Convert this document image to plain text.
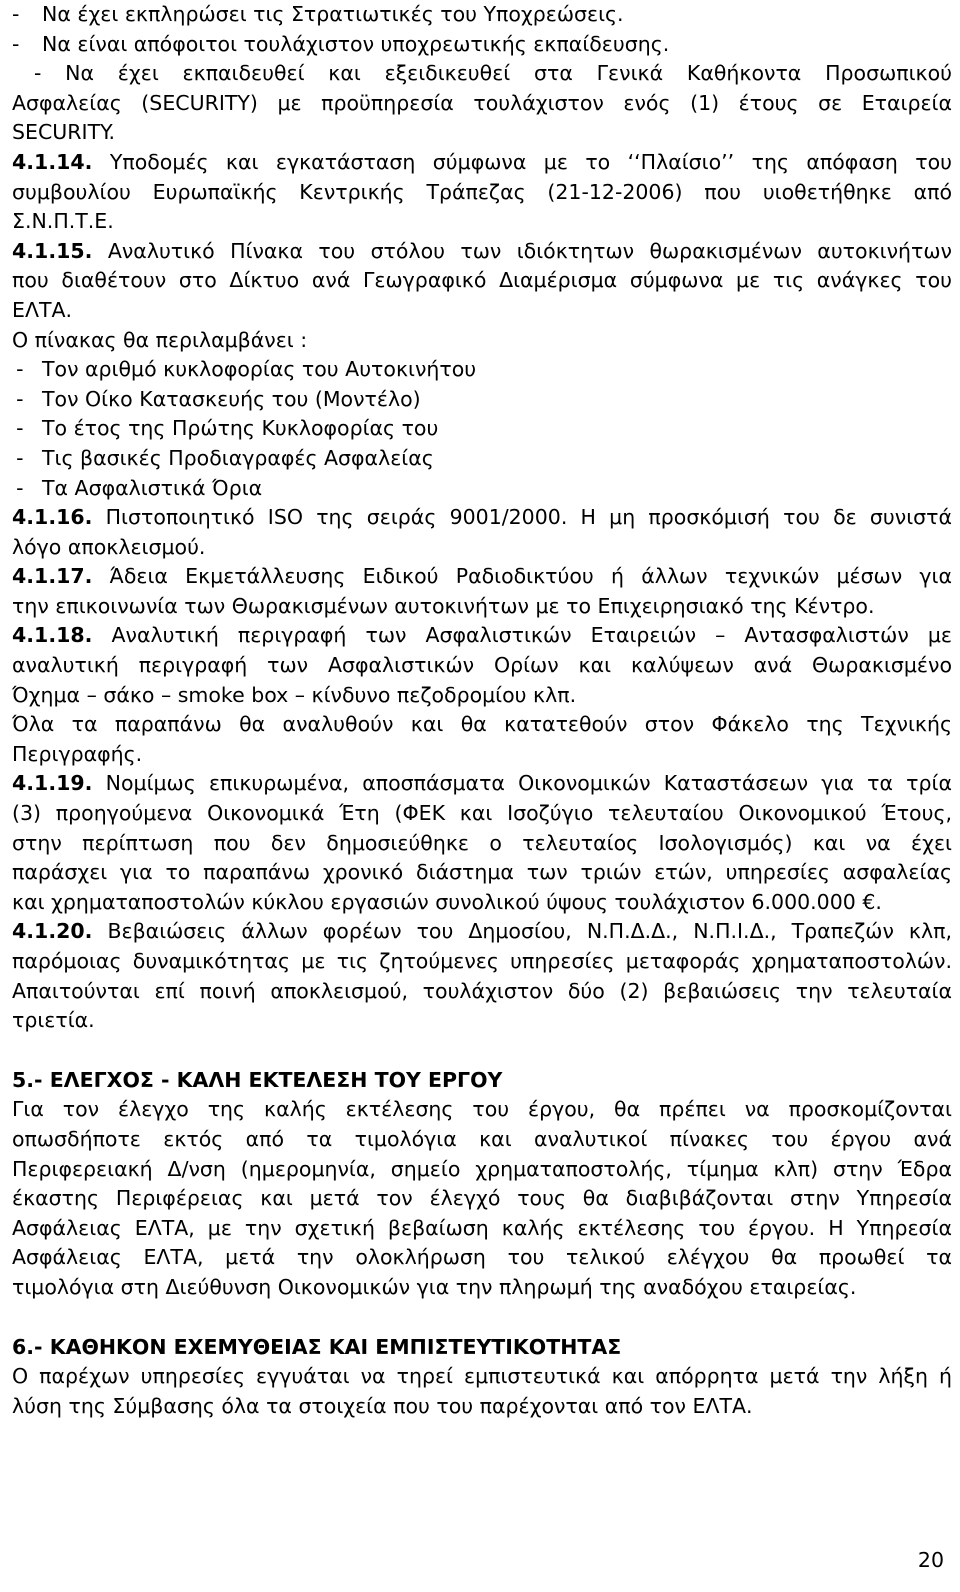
- Να έχει εκπληρώσει τις Στρατιωτικές του Υποχρεώσεις.
- Να είναι απόφοιτοι τουλάχιστον υποχρεωτικής εκπαίδευσης.
- Να έχει εκπαιδευθεί και εξειδικευθεί στα Γενικά Καθήκοντα Προσωπικού
Ασφαλείας (SECURITY) με προϋπηρεσία τουλάχιστον ενός (1) έτους σε Εταιρεία
SECURITY.
4.1.14. Υποδομές και εγκατάσταση σύμφωνα με το ‘‘Πλαίσιο’’ της απόφαση του
συμβουλίου Ευρωπαϊκής Κεντρικής Τράπεζας (21-12-2006) που υιοθετήθηκε από
Σ.Ν.Π.Τ.Ε.
4.1.15. Αναλυτικό Πίνακα του στόλου των ιδιόκτητων θωρακισμένων αυτοκινήτων
που διαθέτουν στο Δίκτυο ανά Γεωγραφικό Διαμέρισμα σύμφωνα με τις ανάγκες του
ΕΛΤΑ.
Ο πίνακας θα περιλαμβάνει :
 - Τον αριθμό κυκλοφορίας του Αυτοκινήτου
 - Τον Οίκο Κατασκευής του (Μοντέλο)
 - Το έτος της Πρώτης Κυκλοφορίας του
 - Τις βασικές Προδιαγραφές Ασφαλείας
 - Τα Ασφαλιστικά Όρια
4.1.16. Πιστοποιητικό ISO της σειράς 9001/2000. Η μη προσκόμισή του δε συνιστά
λόγο αποκλεισμού.
4.1.17. Άδεια Εκμετάλλευσης Ειδικού Ραδιοδικτύου ή άλλων τεχνικών μέσων για
την επικοινωνία των Θωρακισμένων αυτοκινήτων με το Επιχειρησιακό της Κέντρο.
4.1.18. Αναλυτική περιγραφή των Ασφαλιστικών Εταιρειών – Αντασφαλιστών με
αναλυτική περιγραφή των Ασφαλιστικών Ορίων και καλύψεων ανά Θωρακισμένο
Όχημα – σάκο – smoke box – κίνδυνο πεζοδρομίου κλπ.
Όλα τα παραπάνω θα αναλυθούν και θα κατατεθούν στον Φάκελο της Τεχνικής
Περιγραφής.
4.1.19. Νομίμως επικυρωμένα, αποσπάσματα Οικονομικών Καταστάσεων για τα τρία
(3) προηγούμενα Οικονομικά Έτη (ΦΕΚ και Ισοζύγιο τελευταίου Οικονομικού Έτους,
στην περίπτωση που δεν δημοσιεύθηκε ο τελευταίος Ισολογισμός) και να έχει
παράσχει για το παραπάνω χρονικό διάστημα των τριών ετών, υπηρεσίες ασφαλείας
και χρηματαποστολών κύκλου εργασιών συνολικού ύψους τουλάχιστον 6.000.000 €.
4.1.20. Βεβαιώσεις άλλων φορέων του Δημοσίου, Ν.Π.Δ.Δ., Ν.Π.Ι.Δ., Τραπεζών κλπ,
παρόμοιας δυναμικότητας με τις ζητούμενες υπηρεσίες μεταφοράς χρηματαποστολών.
Απαιτούνται επί ποινή αποκλεισμού, τουλάχιστον δύο (2) βεβαιώσεις την τελευταία
τριετία.
5.- ΕΛΕΓΧΟΣ - ΚΑΛΗ ΕΚΤΕΛΕΣΗ ΤΟΥ ΕΡΓΟΥ
Για τον έλεγχο της καλής εκτέλεσης του έργου, θα πρέπει να προσκομίζονται
οπωσδήποτε εκτός από τα τιμολόγια και αναλυτικοί πίνακες του έργου ανά
Περιφερειακή Δ/νση (ημερομηνία, σημείο χρηματαποστολής, τίμημα κλπ) στην Έδρα
έκαστης Περιφέρειας και μετά τον έλεγχό τους θα διαβιβάζονται στην Υπηρεσία
Ασφάλειας ΕΛΤΑ, με την σχετική βεβαίωση καλής εκτέλεσης του έργου. Η Υπηρεσία
Ασφάλειας ΕΛΤΑ, μετά την ολοκλήρωση του τελικού ελέγχου θα προωθεί τα
τιμολόγια στη Διεύθυνση Οικονομικών για την πληρωμή της αναδόχου εταιρείας.
6.- ΚΑΘΗΚΟΝ ΕΧΕΜΥΘΕΙΑΣ ΚΑΙ ΕΜΠΙΣΤΕΥΤΙΚΟΤΗΤΑΣ
Ο παρέχων υπηρεσίες εγγυάται να τηρεί εμπιστευτικά και απόρρητα μετά την λήξη ή
λύση της Σύμβασης όλα τα στοιχεία που του παρέχονται από τον ΕΛΤΑ.
20
